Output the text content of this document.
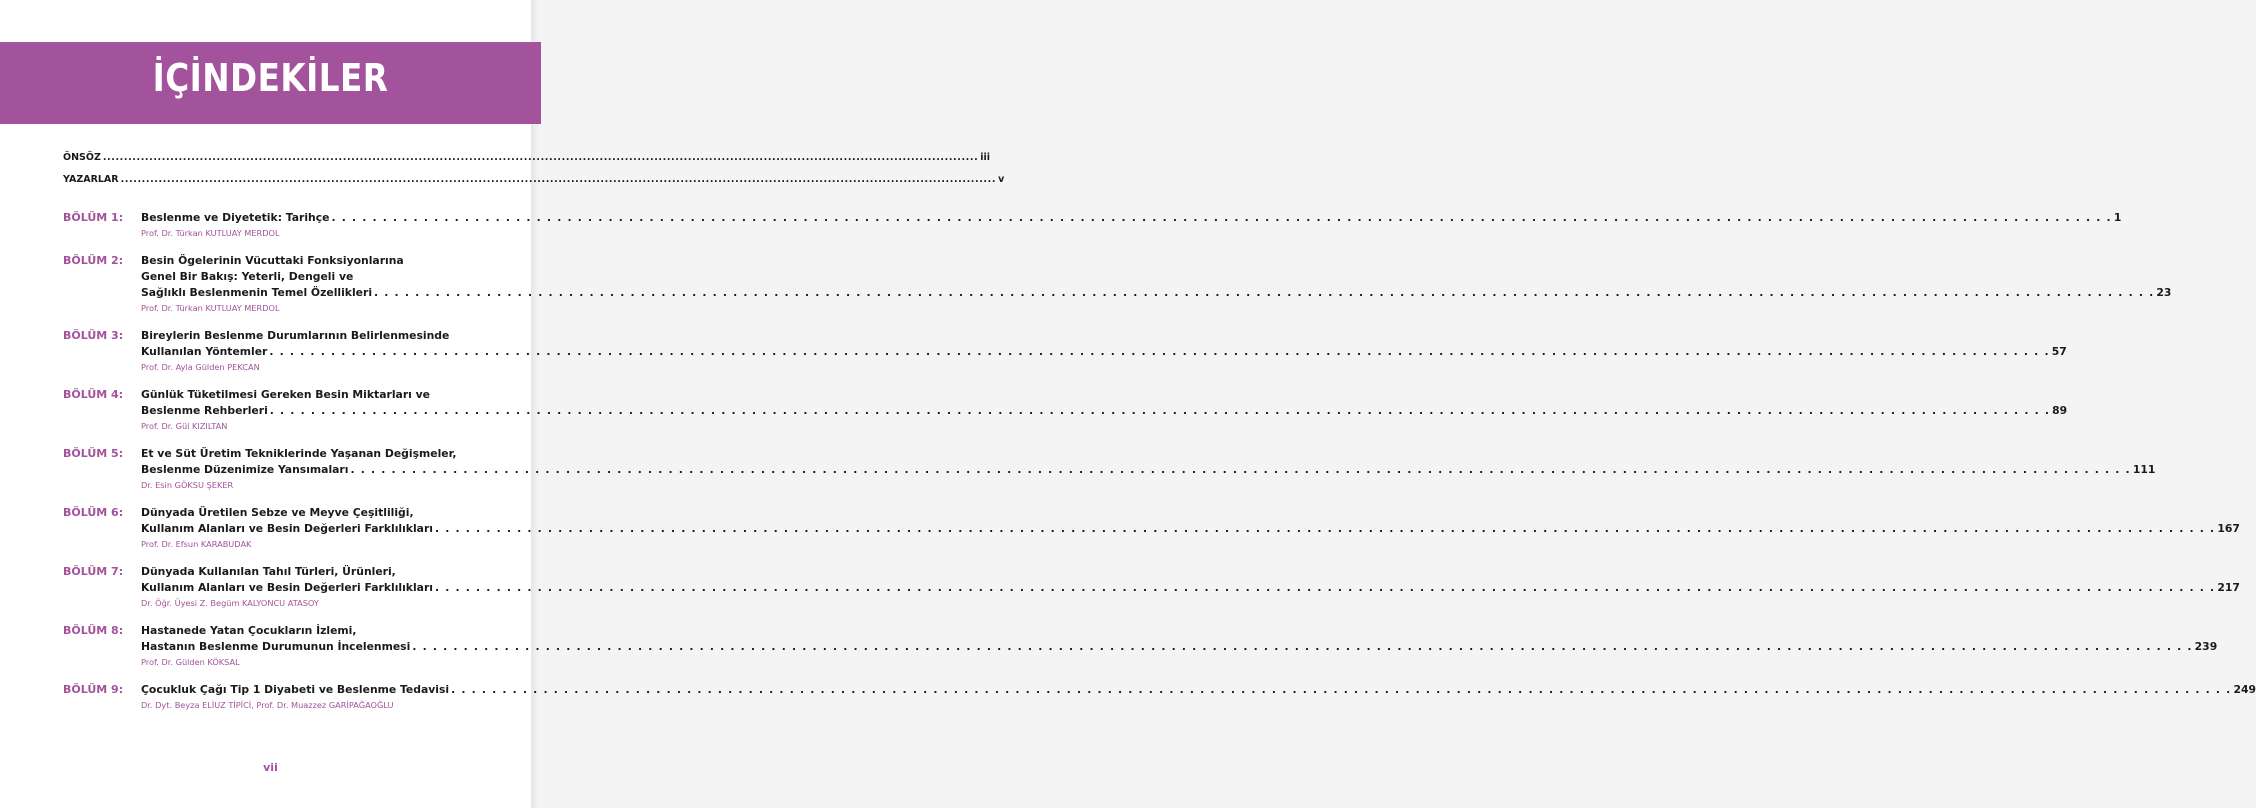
İÇİNDEKİLER
ÖNSÖZ .....	iii
YAZARLAR .....	v
BÖLÜM 1:	Beslenme ve Diyetetik: Tarihçe . . .	1
Prof. Dr. Türkan KUTLUAY MERDOL
BÖLÜM 2:	Besin Ögelerinin Vücuttaki Fonksiyonlarına
Genel Bir Bakış: Yeterli, Dengeli ve
Sağlıklı Beslenmenin Temel Özellikleri . . .	23
Prof. Dr. Türkan KUTLUAY MERDOL
BÖLÜM 3:	Bireylerin Beslenme Durumlarının Belirlenmesinde
Kullanılan Yöntemler . . .	57
Prof. Dr. Ayla Gülden PEKCAN
BÖLÜM 4:	Günlük Tüketilmesi Gereken Besin Miktarları ve
Beslenme Rehberleri . . .	89
Prof. Dr. Gül KIZILTAN
BÖLÜM 5:	Et ve Süt Üretim Tekniklerinde Yaşanan Değişmeler,
Beslenme Düzenimize Yansımaları . . .	111
Dr. Esin GÖKSU ŞEKER
BÖLÜM 6:	Dünyada Üretilen Sebze ve Meyve Çeşitliliği,
Kullanım Alanları ve Besin Değerleri Farklılıkları . . .	167
Prof. Dr. Efsun KARABUDAK
BÖLÜM 7:	Dünyada Kullanılan Tahıl Türleri, Ürünleri,
Kullanım Alanları ve Besin Değerleri Farklılıkları . . .	217
Dr. Öğr. Üyesi Z. Begüm KALYONCU ATASOY
BÖLÜM 8:	Hastanede Yatan Çocukların İzlemi,
Hastanın Beslenme Durumunun İncelenmesi . . .	239
Prof. Dr. Gülden KÖKSAL
BÖLÜM 9:	Çocukluk Çağı Tip 1 Diyabeti ve Beslenme Tedavisi . . .	249
Dr. Dyt. Beyza ELİUZ TİPİCİ, Prof. Dr. Muazzez GARİPAĞAOĞLU
vii
